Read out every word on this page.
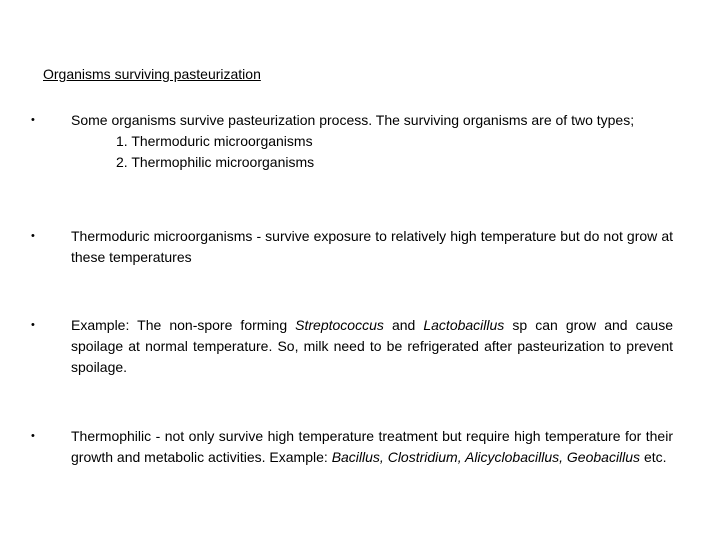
Organisms surviving pasteurization
•	Some organisms survive pasteurization process. The surviving organisms are of two types;
1. Thermoduric microorganisms
2. Thermophilic microorganisms
•	Thermoduric microorganisms - survive exposure to relatively high temperature but do not grow at these temperatures
•	Example: The non-spore forming Streptococcus and Lactobacillus sp can grow and cause spoilage at normal temperature. So, milk need to be refrigerated after pasteurization to prevent spoilage.
•	Thermophilic - not only survive high temperature treatment but require high temperature for their growth and metabolic activities. Example: Bacillus, Clostridium, Alicyclobacillus, Geobacillus etc.
